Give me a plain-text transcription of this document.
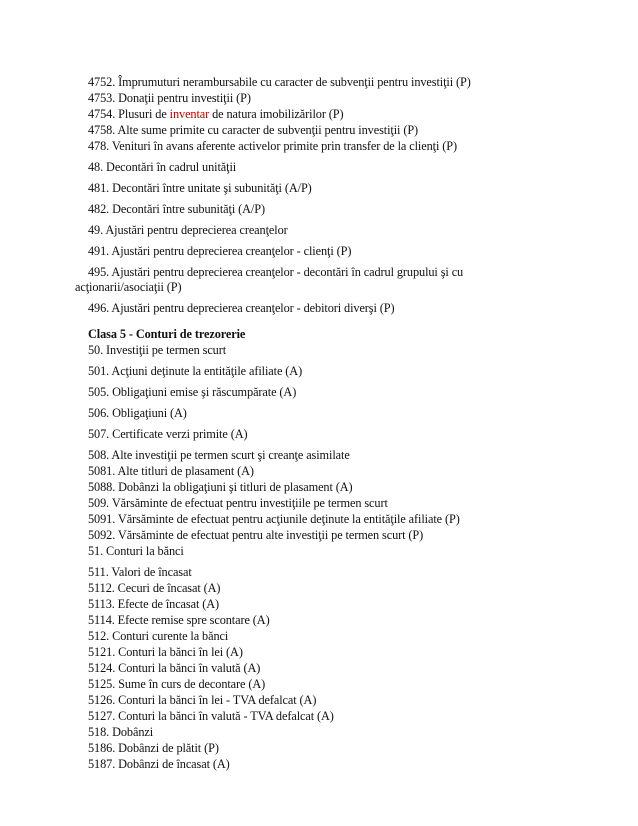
4752. Împrumuturi nerambursabile cu caracter de subvenţii pentru investiţii (P)
4753. Donaţii pentru investiţii (P)
4754. Plusuri de inventar de natura imobilizărilor (P)
4758. Alte sume primite cu caracter de subvenţii pentru investiţii (P)
478. Venituri în avans aferente activelor primite prin transfer de la clienţi (P)
48. Decontări în cadrul unităţii
481. Decontări între unitate şi subunităţi (A/P)
482. Decontări între subunităţi (A/P)
49. Ajustări pentru deprecierea creanţelor
491. Ajustări pentru deprecierea creanţelor - clienţi (P)
495. Ajustări pentru deprecierea creanţelor - decontări în cadrul grupului şi cu
acţionarii/asociaţii (P)
496. Ajustări pentru deprecierea creanţelor - debitori diverşi (P)
Clasa 5 - Conturi de trezorerie
50. Investiţii pe termen scurt
501. Acţiuni deţinute la entităţile afiliate (A)
505. Obligaţiuni emise şi răscumpărate (A)
506. Obligaţiuni (A)
507. Certificate verzi primite (A)
508. Alte investiţii pe termen scurt şi creanţe asimilate
5081. Alte titluri de plasament (A)
5088. Dobânzi la obligaţiuni şi titluri de plasament (A)
509. Vărsăminte de efectuat pentru investiţiile pe termen scurt
5091. Vărsăminte de efectuat pentru acţiunile deţinute la entităţile afiliate (P)
5092. Vărsăminte de efectuat pentru alte investiţii pe termen scurt (P)
51. Conturi la bănci
511. Valori de încasat
5112. Cecuri de încasat (A)
5113. Efecte de încasat (A)
5114. Efecte remise spre scontare (A)
512. Conturi curente la bănci
5121. Conturi la bănci în lei (A)
5124. Conturi la bănci în valută (A)
5125. Sume în curs de decontare (A)
5126. Conturi la bănci în lei - TVA defalcat (A)
5127. Conturi la bănci în valută - TVA defalcat (A)
518. Dobânzi
5186. Dobânzi de plătit (P)
5187. Dobânzi de încasat (A)
